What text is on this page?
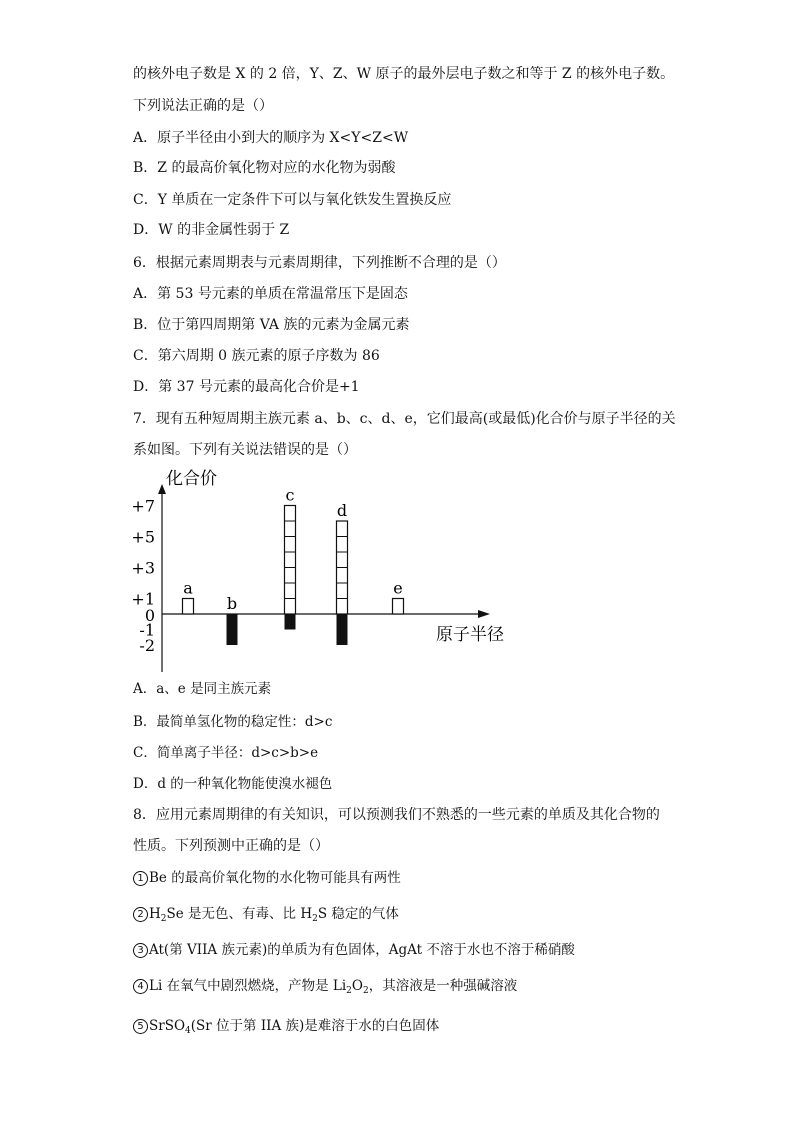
的核外电子数是 X 的 2 倍，Y、Z、W 原子的最外层电子数之和等于 Z 的核外电子数。
下列说法正确的是（）
A．原子半径由小到大的顺序为 X<Y<Z<W
B．Z 的最高价氧化物对应的水化物为弱酸
C．Y 单质在一定条件下可以与氧化铁发生置换反应
D．W 的非金属性弱于 Z
6．根据元素周期表与元素周期律，下列推断不合理的是（）
A．第 53 号元素的单质在常温常压下是固态
B．位于第四周期第 VA 族的元素为金属元素
C．第六周期 0 族元素的原子序数为 86
D．第 37 号元素的最高化合价是+1
7．现有五种短周期主族元素 a、b、c、d、e，它们最高(或最低)化合价与原子半径的关
系如图。下列有关说法错误的是（）
化合价
原子半径
+7
+5
+3
+1
0
-1
-2
a
b
c
d
e
A．a、e 是同主族元素
B．最简单氢化物的稳定性：d>c
C．简单离子半径：d>c>b>e
D．d 的一种氧化物能使溴水褪色
8．应用元素周期律的有关知识，可以预测我们不熟悉的一些元素的单质及其化合物的
性质。下列预测中正确的是（）
1 Be 的最高价氧化物的水化物可能具有两性
2 $H_2Se$ 是无色、有毒、比 $H_2S$ 稳定的气体
3 At(第 VIIA 族元素)的单质为有色固体，AgAt 不溶于水也不溶于稀硝酸
4 Li 在氧气中剧烈燃烧，产物是 $Li_2O_2$，其溶液是一种强碱溶液
5 SrSO$_4$(Sr 位于第 IIA 族)是难溶于水的白色固体
